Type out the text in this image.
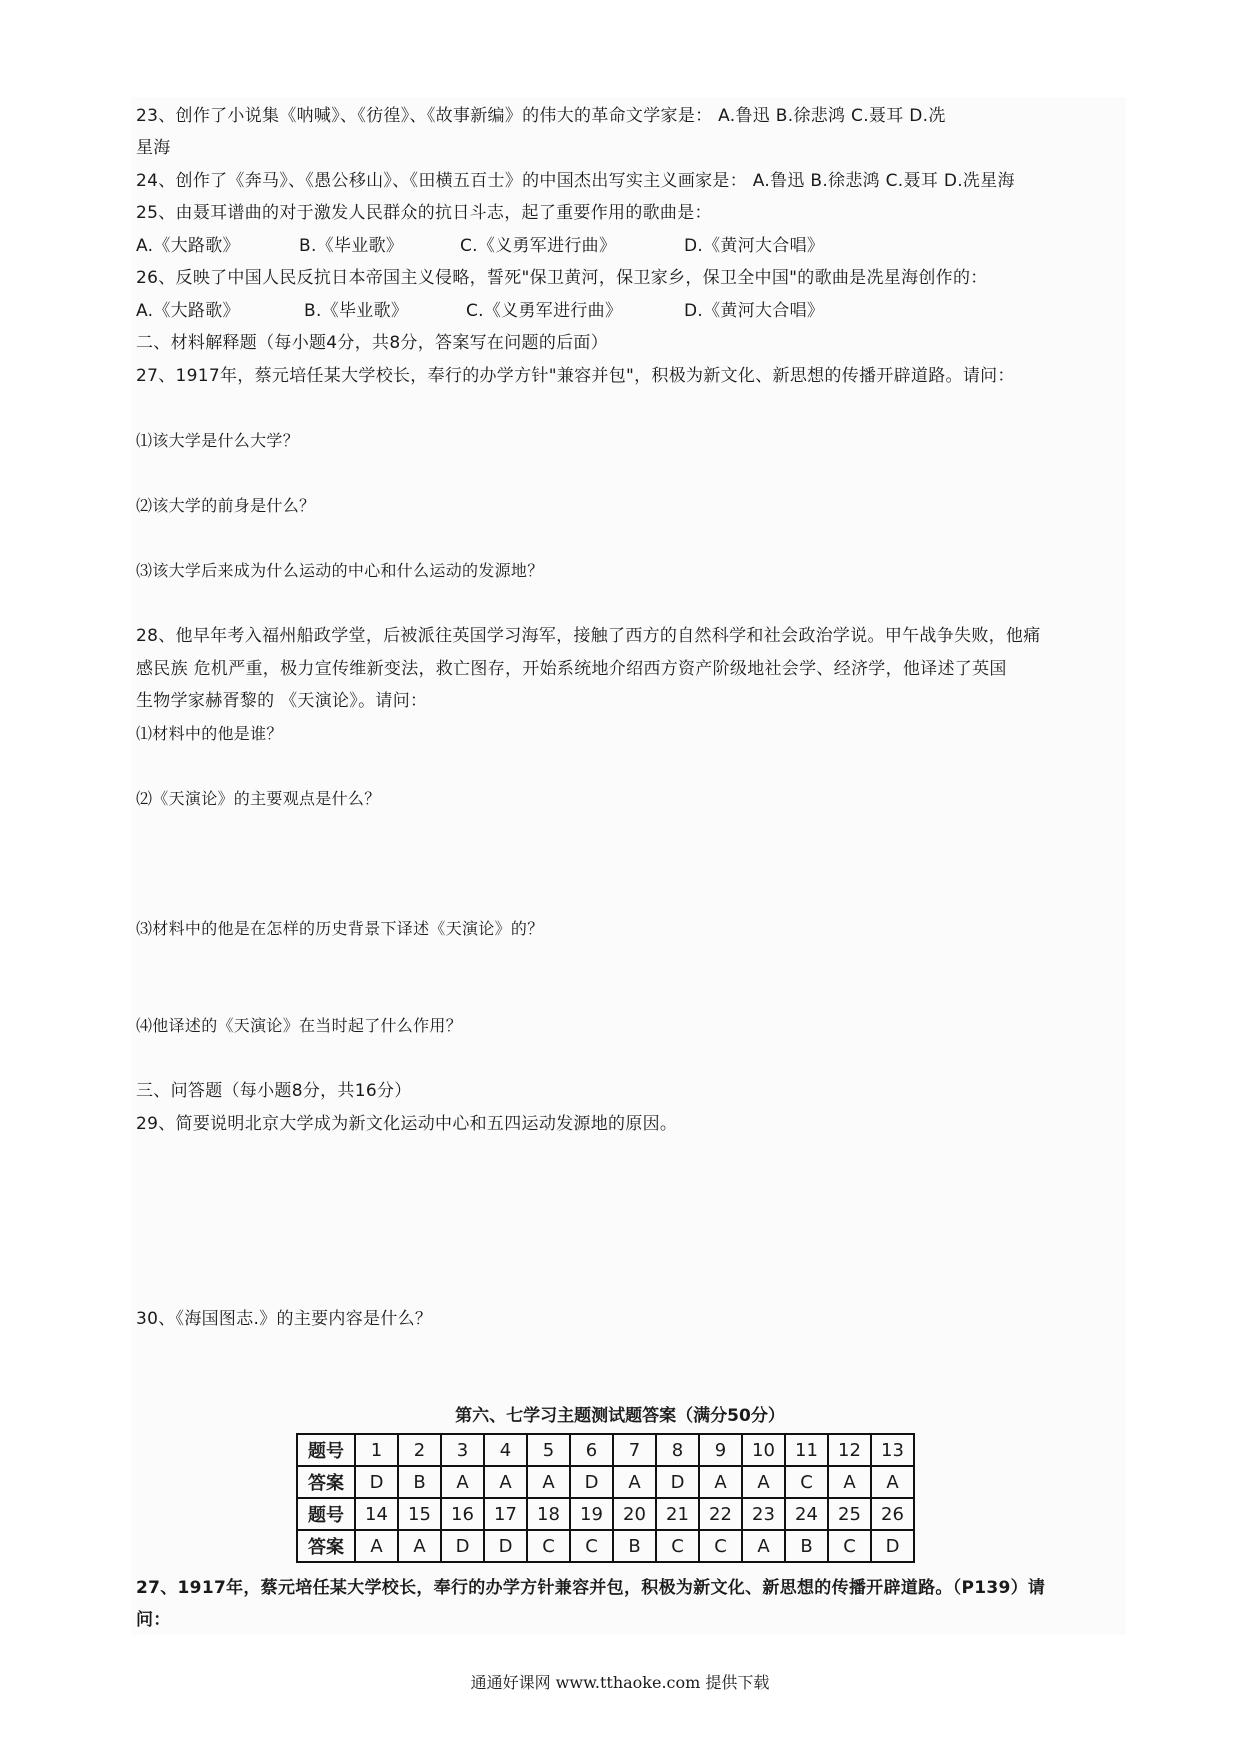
23、创作了小说集《呐喊》、《彷徨》、《故事新编》的伟大的革命文学家是： A.鲁迅 B.徐悲鸿 C.聂耳 D.冼
星海
24、创作了《奔马》、《愚公移山》、《田横五百士》的中国杰出写实主义画家是： A.鲁迅 B.徐悲鸿 C.聂耳 D.冼星海
25、由聂耳谱曲的对于激发人民群众的抗日斗志，起了重要作用的歌曲是：
A.《大路歌》	B.《毕业歌》	C.《义勇军进行曲》	D.《黄河大合唱》
26、反映了中国人民反抗日本帝国主义侵略，誓死"保卫黄河，保卫家乡，保卫全中国"的歌曲是冼星海创作的：
A.《大路歌》	B.《毕业歌》	C.《义勇军进行曲》	D.《黄河大合唱》
二、材料解释题（每小题4分，共8分，答案写在问题的后面）
27、1917年，蔡元培任某大学校长，奉行的办学方针"兼容并包"，积极为新文化、新思想的传播开辟道路。请问：
⑴该大学是什么大学？
⑵该大学的前身是什么？
⑶该大学后来成为什么运动的中心和什么运动的发源地？
28、他早年考入福州船政学堂，后被派往英国学习海军，接触了西方的自然科学和社会政治学说。甲午战争失败，他痛
感民族 危机严重，极力宣传维新变法，救亡图存，开始系统地介绍西方资产阶级地社会学、经济学，他译述了英国
生物学家赫胥黎的 《天演论》。请问：
⑴材料中的他是谁？
⑵《天演论》的主要观点是什么？
⑶材料中的他是在怎样的历史背景下译述《天演论》的？
⑷他译述的《天演论》在当时起了什么作用？
三、问答题（每小题8分，共16分）
29、简要说明北京大学成为新文化运动中心和五四运动发源地的原因。
30、《海国图志.》的主要内容是什么？
第六、七学习主题测试题答案（满分50分）
题号	1	2	3	4	5	6	7	8	9	10	11	12	13
答案	D	B	A	A	A	D	A	D	A	A	C	A	A
题号	14	15	16	17	18	19	20	21	22	23	24	25	26
答案	A	A	D	D	C	C	B	C	C	A	B	C	D
27、1917年，蔡元培任某大学校长，奉行的办学方针兼容并包，积极为新文化、新思想的传播开辟道路。（P139）请
问：
通通好课网 www.tthaoke.com 提供下载
